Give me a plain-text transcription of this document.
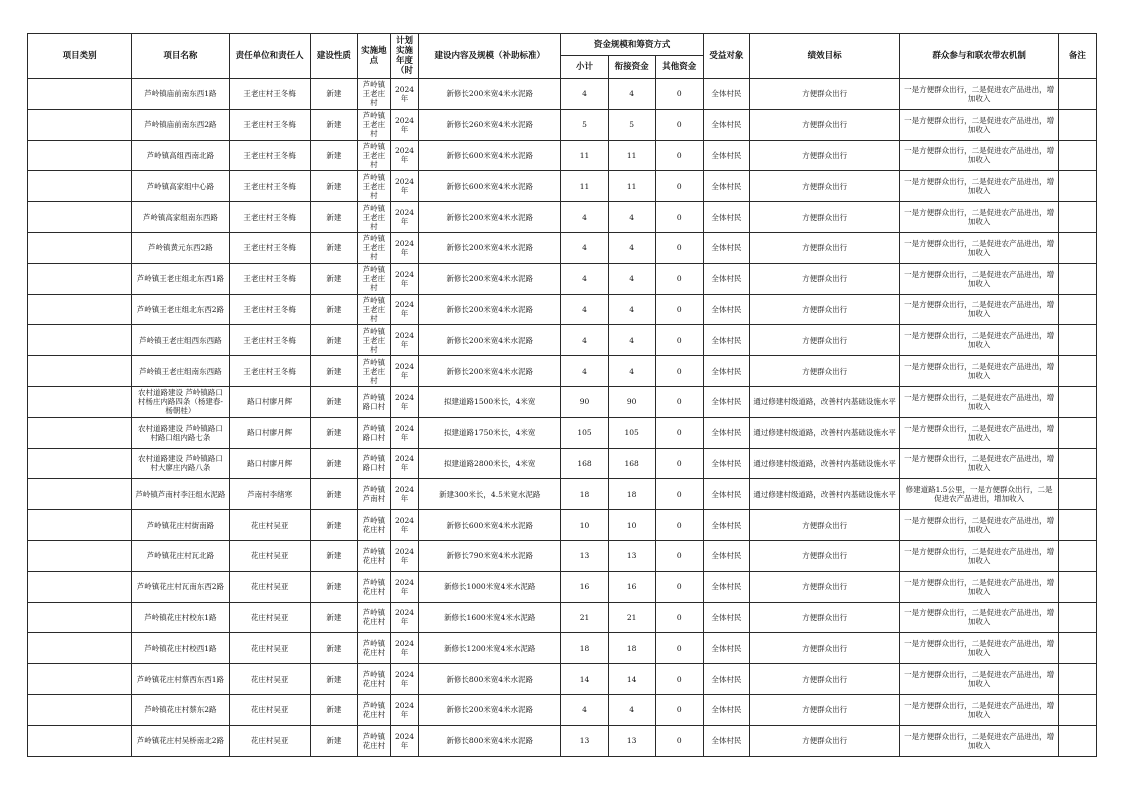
项目类别	项目名称	责任单位和责任人	建设性质	实施地点	计划实施年度（时	建设内容及规模（补助标准）	资金规模和筹资方式			受益对象	绩效目标	群众参与和联农带农机制	备注
							小计	衔接资金	其他资金				
	芦岭镇庙前南东西1路	王老庄村王冬梅	新建	芦岭镇王老庄村	2024年	新修长200米宽4米水泥路	4	4	0	全体村民	方便群众出行	一是方便群众出行，二是促进农产品进出，增加收入	
	芦岭镇庙前南东西2路	王老庄村王冬梅	新建	芦岭镇王老庄村	2024年	新修长260米宽4米水泥路	5	5	0	全体村民	方便群众出行	一是方便群众出行，二是促进农产品进出，增加收入	
	芦岭镇高组西南北路	王老庄村王冬梅	新建	芦岭镇王老庄村	2024年	新修长600米宽4米水泥路	11	11	0	全体村民	方便群众出行	一是方便群众出行，二是促进农产品进出，增加收入	
	芦岭镇高家组中心路	王老庄村王冬梅	新建	芦岭镇王老庄村	2024年	新修长600米宽4米水泥路	11	11	0	全体村民	方便群众出行	一是方便群众出行，二是促进农产品进出，增加收入	
	芦岭镇高家组南东西路	王老庄村王冬梅	新建	芦岭镇王老庄村	2024年	新修长200米宽4米水泥路	4	4	0	全体村民	方便群众出行	一是方便群众出行，二是促进农产品进出，增加收入	
	芦岭镇黄元东西2路	王老庄村王冬梅	新建	芦岭镇王老庄村	2024年	新修长200米宽4米水泥路	4	4	0	全体村民	方便群众出行	一是方便群众出行，二是促进农产品进出，增加收入	
	芦岭镇王老庄组北东西1路	王老庄村王冬梅	新建	芦岭镇王老庄村	2024年	新修长200米宽4米水泥路	4	4	0	全体村民	方便群众出行	一是方便群众出行，二是促进农产品进出，增加收入	
	芦岭镇王老庄组北东西2路	王老庄村王冬梅	新建	芦岭镇王老庄村	2024年	新修长200米宽4米水泥路	4	4	0	全体村民	方便群众出行	一是方便群众出行，二是促进农产品进出，增加收入	
	芦岭镇王老庄组西东西路	王老庄村王冬梅	新建	芦岭镇王老庄村	2024年	新修长200米宽4米水泥路	4	4	0	全体村民	方便群众出行	一是方便群众出行，二是促进农产品进出，增加收入	
	芦岭镇王老庄组南东西路	王老庄村王冬梅	新建	芦岭镇王老庄村	2024年	新修长200米宽4米水泥路	4	4	0	全体村民	方便群众出行	一是方便群众出行，二是促进农产品进出，增加收入	
	农村道路建设 芦岭镇路口村杨庄内路四条（杨建春-杨朝桂）	路口村廖月辉	新建	芦岭镇路口村	2024年	拟建道路1500米长，4米宽	90	90	0	全体村民	通过修建村级道路，改善村内基础设施水平	一是方便群众出行，二是促进农产品进出，增加收入	
	农村道路建设 芦岭镇路口村路口组内路七条	路口村廖月辉	新建	芦岭镇路口村	2024年	拟建道路1750米长，4米宽	105	105	0	全体村民	通过修建村级道路，改善村内基础设施水平	一是方便群众出行，二是促进农产品进出，增加收入	
	农村道路建设 芦岭镇路口村大廖庄内路八条	路口村廖月辉	新建	芦岭镇路口村	2024年	拟建道路2800米长，4米宽	168	168	0	全体村民	通过修建村级道路，改善村内基础设施水平	一是方便群众出行，二是促进农产品进出，增加收入	
	芦岭镇芦南村李汪组水泥路	芦南村李绪寒	新建	芦岭镇芦南村	2024年	新建300米长，4.5米宽水泥路	18	18	0	全体村民	通过修建村级道路，改善村内基础设施水平	修建道路1.5公里，一是方便群众出行，二是促进农产品进出，增加收入	
	芦岭镇花庄村街南路	花庄村吴亚	新建	芦岭镇花庄村	2024年	新修长600米宽4米水泥路	10	10	0	全体村民	方便群众出行	一是方便群众出行，二是促进农产品进出，增加收入	
	芦岭镇花庄村瓦北路	花庄村吴亚	新建	芦岭镇花庄村	2024年	新修长790米宽4米水泥路	13	13	0	全体村民	方便群众出行	一是方便群众出行，二是促进农产品进出，增加收入	
	芦岭镇花庄村瓦南东西2路	花庄村吴亚	新建	芦岭镇花庄村	2024年	新修长1000米宽4米水泥路	16	16	0	全体村民	方便群众出行	一是方便群众出行，二是促进农产品进出，增加收入	
	芦岭镇花庄村校东1路	花庄村吴亚	新建	芦岭镇花庄村	2024年	新修长1600米宽4米水泥路	21	21	0	全体村民	方便群众出行	一是方便群众出行，二是促进农产品进出，增加收入	
	芦岭镇花庄村校西1路	花庄村吴亚	新建	芦岭镇花庄村	2024年	新修长1200米宽4米水泥路	18	18	0	全体村民	方便群众出行	一是方便群众出行，二是促进农产品进出，增加收入	
	芦岭镇花庄村蔡西东西1路	花庄村吴亚	新建	芦岭镇花庄村	2024年	新修长800米宽4米水泥路	14	14	0	全体村民	方便群众出行	一是方便群众出行，二是促进农产品进出，增加收入	
	芦岭镇花庄村蔡东2路	花庄村吴亚	新建	芦岭镇花庄村	2024年	新修长200米宽4米水泥路	4	4	0	全体村民	方便群众出行	一是方便群众出行，二是促进农产品进出，增加收入	
	芦岭镇花庄村吴桥南北2路	花庄村吴亚	新建	芦岭镇花庄村	2024年	新修长800米宽4米水泥路	13	13	0	全体村民	方便群众出行	一是方便群众出行，二是促进农产品进出，增加收入	
